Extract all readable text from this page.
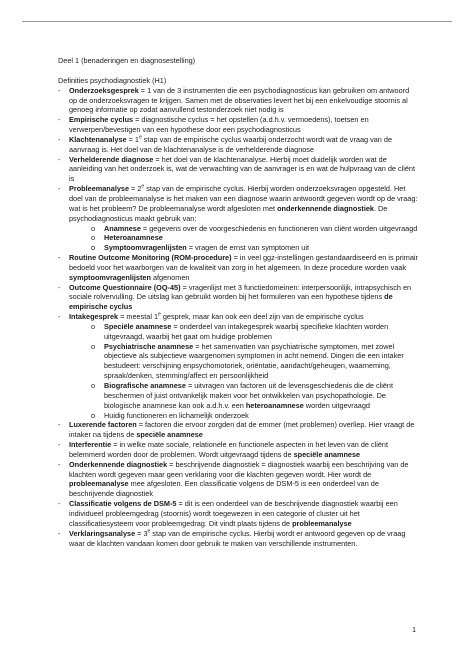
Deel 1 (benaderingen en diagnosestelling)

Definities psychodiagnostiek (H1)

- Onderzoeksgesprek = 1 van de 3 instrumenten die een psychodiagnosticus kan gebruiken om antwoord op de onderzoeksvragen te krijgen. Samen met de observaties levert het bij een enkelvoudige stoornis al genoeg informatie op zodat aanvullend testonderzoek niet nodig is
- Empirische cyclus = diagnostische cyclus = het opstellen (a.d.h.v. vermoedens), toetsen en verwerpen/bevestigen van een hypothese door een psychodiagnosticus
- Klachtenanalyse = $1^e$ stap van de empirische cyclus waarbij onderzocht wordt wat de vraag van de aanvraag is. Het doel van de klachtenanalyse is de verhelderende diagnose
- Verhelderende diagnose = het doel van de klachtenanalyse. Hierbij moet duidelijk worden wat de aanleiding van het onderzoek is, wat de verwachting van de aanvrager is en wat de hulpvraag van de cliënt is
- Probleemanalyse = $2^e$ stap van de empirische cyclus. Hierbij worden onderzoeksvragen opgesteld. Het doel van de probleemanalyse is het maken van een diagnose waarin antwoordt gegeven wordt op de vraag: wat is het probleem? De probleemanalyse wordt afgesloten met onderkennende diagnostiek. De psychodiagnosticus maakt gebruik van:
o Anamnese = gegevens over de voorgeschiedenis en functioneren van cliënt worden uitgevraagd
o Heteroanamnese
o Symptoomvragenlijsten = vragen de ernst van symptomen uit
- Routine Outcome Monitoring (ROM-procedure) = in veel ggz-instellingen gestandaardiseerd en is primair bedoeld voor het waarborgen van de kwaliteit van zorg in het algemeen. In deze procedure worden vaak symptoomvragenlijsten afgenomen
- Outcome Questionnaire (OQ-45) = vragenlijst met 3 functiedomeinen: interpersoonlijk, intrapsychisch en sociale rolvervulling. De uitslag kan gebruikt worden bij het formuleren van een hypothese tijdens de empirische cyclus
- Intakegesprek = meestal 1e gesprek, maar kan ook een deel zijn van de empirische cyclus
o Speciële anamnese = onderdeel van intakegesprek waarbij specifieke klachten worden uitgevraagd, waarbij het gaat om huidige problemen
o Psychiatrische anamnese = het samenvatten van psychiatrische symptomen, met zowel objectieve als subjectieve waargenomen symptomen in acht nemend. Dingen die een intaker bestudeert: verschijning enpsychomotoriek, oriëntatie, aandacht/geheugen, waarneming, spraak/denken, stemming/affect en persoonlijkheid
o Biografische anamnese = uitvragen van factoren uit de levensgeschiedenis die de cliënt beschermen of juist ontvankelijk maken voor het ontwikkelen van psychopathologie. De biologische anamnese kan ook a.d.h.v. een heteroanamnese worden uitgevraagd
o Huidig functioneren en lichamelijk onderzoek
- Luxerende factoren = factoren die ervoor zorgden dat de emmer (met problemen) overliep. Hier vraagt de intaker na tijdens de speciële anamnese
- Interferentie = in welke mate sociale, relationele en functionele aspecten in het leven van de cliënt belemmerd worden door de problemen. Wordt uitgevraagd tijdens de speciële anamnese
- Onderkennende diagnostiek = beschrijvende diagnostiek = diagnostiek waarbij een beschrijving van de klachten wordt gegeven maar geen verklaring voor die klachten gegeven wordt. Hier wordt de probleemanalyse mee afgesloten. Een classificatie volgens de DSM-5 is een onderdeel van de beschrijvende diagnostiek
- Classificatie volgens de DSM-5 = dit is een onderdeel van de beschrijvende diagnostiek waarbij een individueel probleemgedrag (stoornis) wordt toegewezen in een categorie of cluster uit het classificatiesysteem voor probleemgedrag. Dit vindt plaats tijdens de probleemanalyse
- Verklaringsanalyse = $3^e$ stap van de empirische cyclus. Hierbij wordt er antwoord gegeven op de vraag waar de klachten vandaan komen door gebruik te maken van verschillende instrumenten.
1
